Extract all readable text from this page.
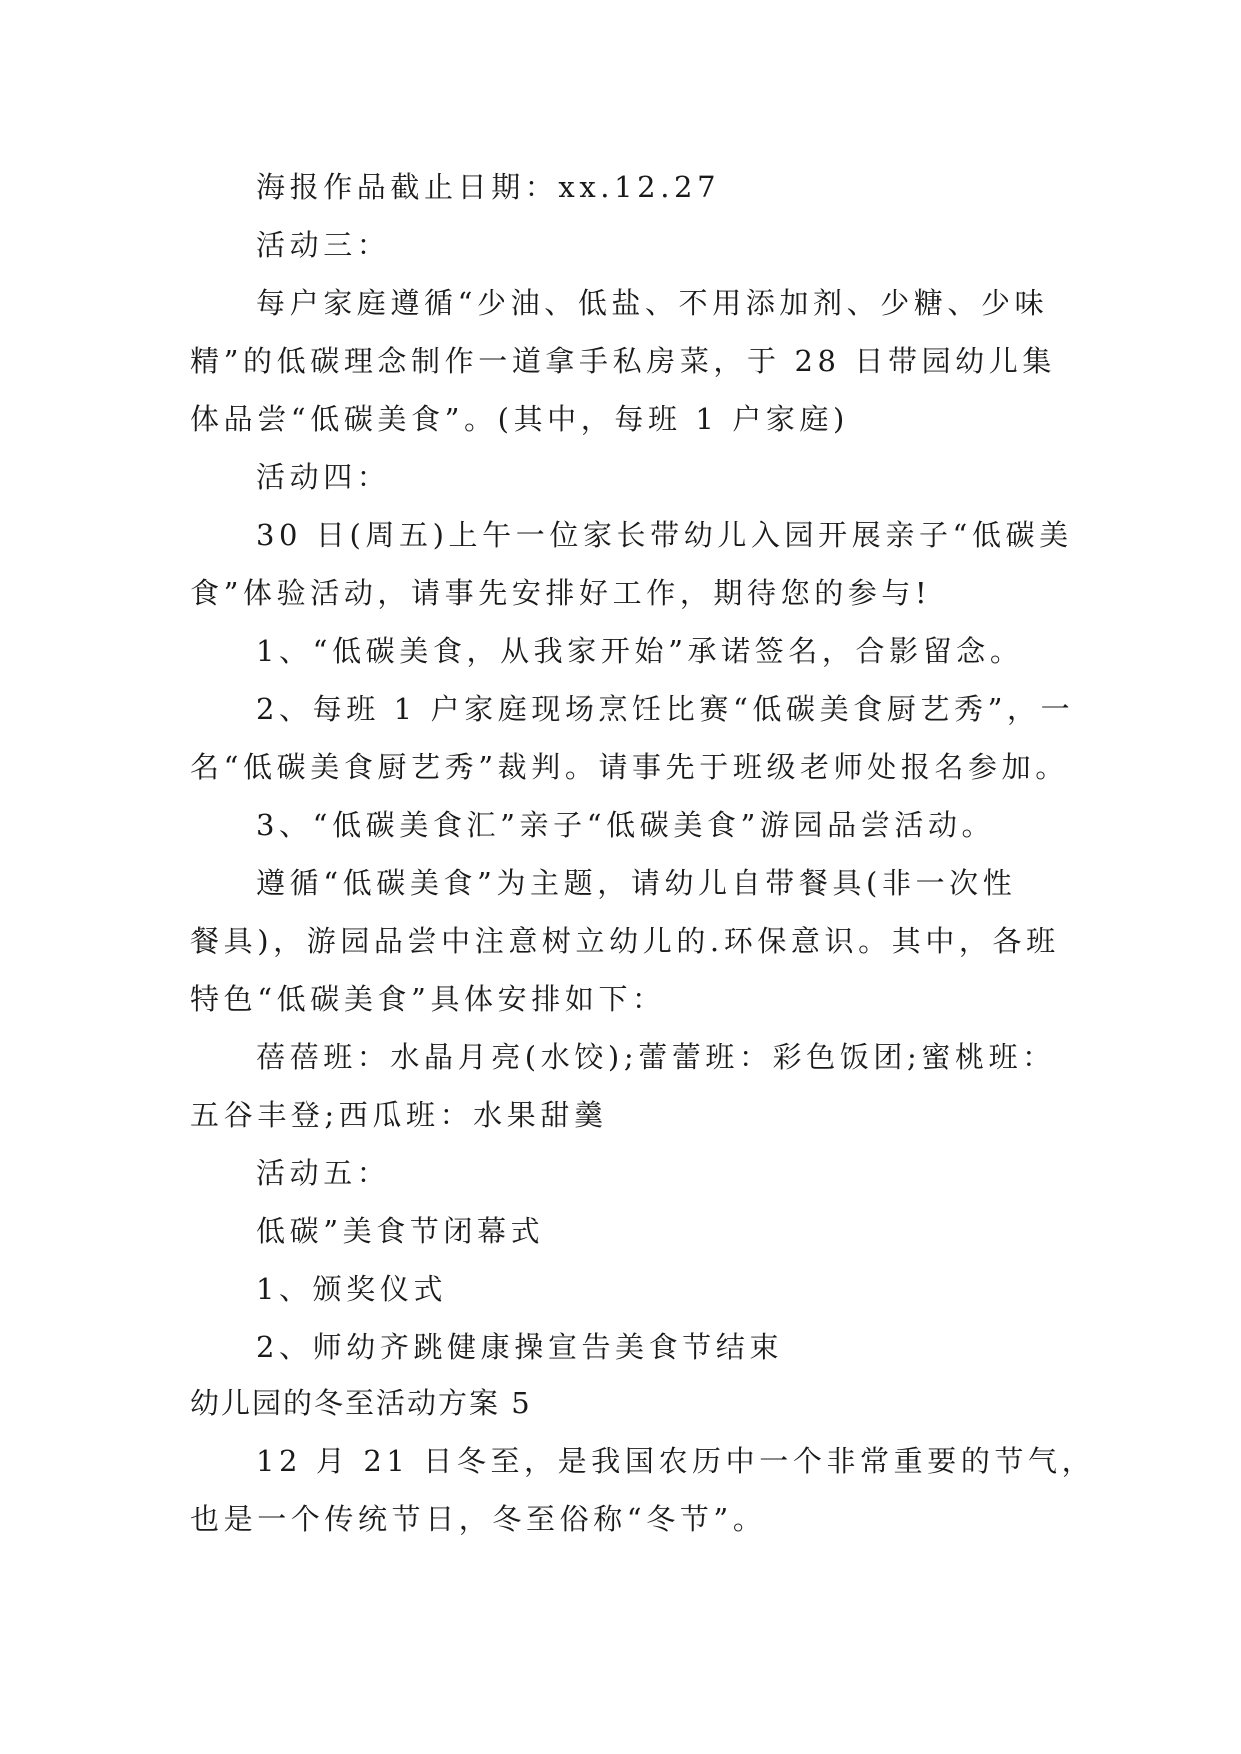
海报作品截止日期：xx.12.27
活动三：
每户家庭遵循“少油、低盐、不用添加剂、少糖、少味
精”的低碳理念制作一道拿手私房菜，于 28 日带园幼儿集
体品尝“低碳美食”。(其中，每班 1 户家庭)
活动四：
30 日(周五)上午一位家长带幼儿入园开展亲子“低碳美
食”体验活动，请事先安排好工作，期待您的参与!
1、“低碳美食，从我家开始”承诺签名，合影留念。
2、每班 1 户家庭现场烹饪比赛“低碳美食厨艺秀”，一
名“低碳美食厨艺秀”裁判。请事先于班级老师处报名参加。
3、“低碳美食汇”亲子“低碳美食”游园品尝活动。
遵循“低碳美食”为主题，请幼儿自带餐具(非一次性
餐具)，游园品尝中注意树立幼儿的.环保意识。其中，各班
特色“低碳美食”具体安排如下：
蓓蓓班：水晶月亮(水饺);蕾蕾班：彩色饭团;蜜桃班：
五谷丰登;西瓜班：水果甜羹
活动五：
低碳”美食节闭幕式
1、颁奖仪式
2、师幼齐跳健康操宣告美食节结束
幼儿园的冬至活动方案 5
12 月 21 日冬至，是我国农历中一个非常重要的节气，
也是一个传统节日，冬至俗称“冬节”。
